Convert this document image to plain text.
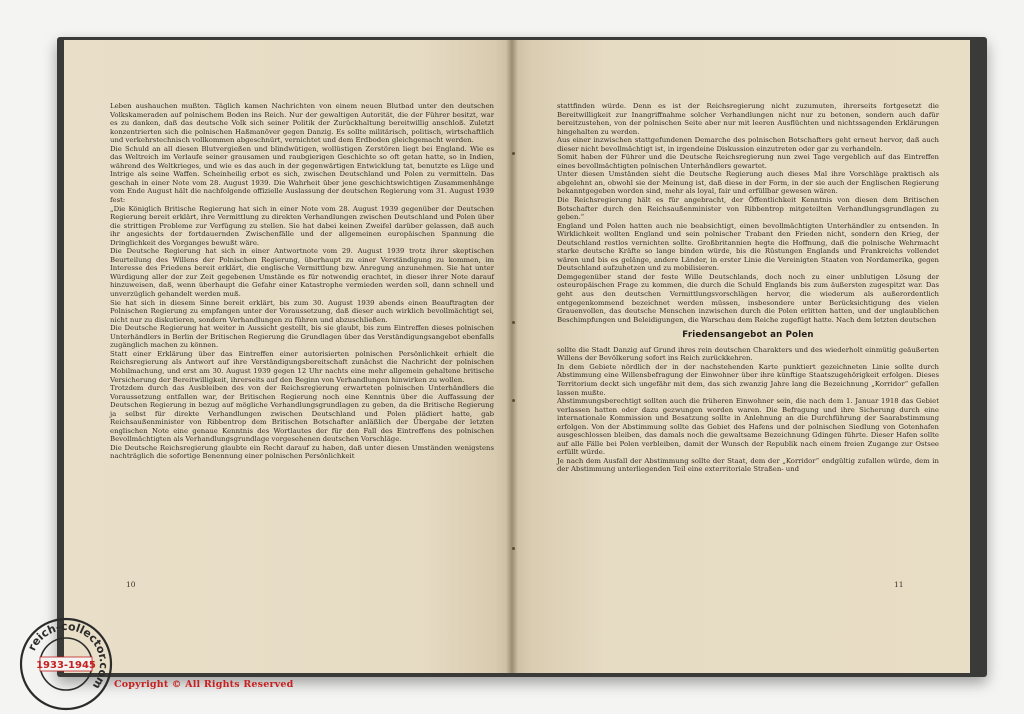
Leben aushauchen mußten. Täglich kamen Nachrichten von einem neuen Blutbad unter den deutschen Volkskameraden auf polnischem Boden ins Reich. Nur der gewaltigen Autorität, die der Führer besitzt, war es zu danken, daß das deutsche Volk sich seiner Politik der Zurückhaltung bereitwillig anschloß. Zuletzt konzentrierten sich die polnischen Haßmanöver gegen Danzig. Es sollte militärisch, politisch, wirtschaftlich und verkehrstechnisch vollkommen abgeschnürt, vernichtet und dem Erdboden gleichgemacht werden.

Die Schuld an all diesen Blutvergießen und blindwütigen, wollüstigen Zerstören liegt bei England. Wie es das Weltreich im Verlaufe seiner grausamen und raubgierigen Geschichte so oft getan hatte, so in Indien, während des Weltkrieges, und wie es das auch in der gegenwärtigen Entwicklung tat, benutzte es Lüge und Intrige als seine Waffen. Scheinheilig erbot es sich, zwischen Deutschland und Polen zu vermitteln. Das geschah in einer Note vom 28. August 1939. Die Wahrheit über jene geschichtswichtigen Zusammenhänge vom Ende August hält die nachfolgende offizielle Auslassung der deutschen Regierung vom 31. August 1939 fest:

„Die Königlich Britische Regierung hat sich in einer Note vom 28. August 1939 gegenüber der Deutschen Regierung bereit erklärt, ihre Vermittlung zu direkten Verhandlungen zwischen Deutschland und Polen über die strittigen Probleme zur Verfügung zu stellen. Sie hat dabei keinen Zweifel darüber gelassen, daß auch ihr angesichts der fortdauernden Zwischenfälle und der allgemeinen europäischen Spannung die Dringlichkeit des Vorganges bewußt wäre.

Die Deutsche Regierung hat sich in einer Antwortnote vom 29. August 1939 trotz ihrer skeptischen Beurteilung des Willens der Polnischen Regierung, überhaupt zu einer Verständigung zu kommen, im Interesse des Friedens bereit erklärt, die englische Vermittlung bzw. Anregung anzunehmen. Sie hat unter Würdigung aller der zur Zeit gegebenen Umstände es für notwendig erachtet, in dieser ihrer Note darauf hinzuweisen, daß, wenn überhaupt die Gefahr einer Katastrophe vermieden werden soll, dann schnell und unverzüglich gehandelt werden muß.

Sie hat sich in diesem Sinne bereit erklärt, bis zum 30. August 1939 abends einen Beauftragten der Polnischen Regierung zu empfangen unter der Voraussetzung, daß dieser auch wirklich bevollmächtigt sei, nicht nur zu diskutieren, sondern Verhandlungen zu führen und abzuschließen.

Die Deutsche Regierung hat weiter in Aussicht gestellt, bis sie glaubt, bis zum Eintreffen dieses polnischen Unterhändlers in Berlin der Britischen Regierung die Grundlagen über das Verständigungsangebot ebenfalls zugänglich machen zu können.

Statt einer Erklärung über das Eintreffen einer autorisierten polnischen Persönlichkeit erhielt die Reichsregierung als Antwort auf ihre Verständigungsbereitschaft zunächst die Nachricht der polnischen Mobilmachung, und erst am 30. August 1939 gegen 12 Uhr nachts eine mehr allgemein gehaltene britische Versicherung der Bereitwilligkeit, ihrerseits auf den Beginn von Verhandlungen hinwirken zu wollen.

Trotzdem durch das Ausbleiben des von der Reichsregierung erwarteten polnischen Unterhändlers die Voraussetzung entfallen war, der Britischen Regierung noch eine Kenntnis über die Auffassung der Deutschen Regierung in bezug auf mögliche Verhandlungsgrundlagen zu geben, da die Britische Regierung ja selbst für direkte Verhandlungen zwischen Deutschland und Polen plädiert hatte, gab Reichsaußenminister von Ribbentrop dem Britischen Botschafter anläßlich der Übergabe der letzten englischen Note eine genaue Kenntnis des Wortlautes der für den Fall des Eintreffens des polnischen Bevollmächtigten als Verhandlungsgrundlage vorgesehenen deutschen Vorschläge.

Die Deutsche Reichsregierung glaubte ein Recht darauf zu haben, daß unter diesen Umständen wenigstens nachträglich die sofortige Benennung einer polnischen Persönlichkeit

10

stattfinden würde. Denn es ist der Reichsregierung nicht zuzumuten, ihrerseits fortgesetzt die Bereitwilligkeit zur Inangriffnahme solcher Verhandlungen nicht nur zu betonen, sondern auch dafür bereitzustehen, von der polnischen Seite aber nur mit leeren Ausflüchten und nichtssagenden Erklärungen hingehalten zu werden.

Aus einer inzwischen stattgefundenen Demarche des polnischen Botschafters geht erneut hervor, daß auch dieser nicht bevollmächtigt ist, in irgendeine Diskussion einzutreten oder gar zu verhandeln.

Somit haben der Führer und die Deutsche Reichsregierung nun zwei Tage vergeblich auf das Eintreffen eines bevollmächtigten polnischen Unterhändlers gewartet.

Unter diesen Umständen sieht die Deutsche Regierung auch dieses Mal ihre Vorschläge praktisch als abgelehnt an, obwohl sie der Meinung ist, daß diese in der Form, in der sie auch der Englischen Regierung bekanntgegeben worden sind, mehr als loyal, fair und erfüllbar gewesen wären.

Die Reichsregierung hält es für angebracht, der Öffentlichkeit Kenntnis von diesen dem Britischen Botschafter durch den Reichsaußenminister von Ribbentrop mitgeteilten Verhandlungsgrundlagen zu geben.“

England und Polen hatten auch nie beabsichtigt, einen bevollmächtigten Unterhändler zu entsenden. In Wirklichkeit wollten England und sein polnischer Trabant den Frieden nicht, sondern den Krieg, der Deutschland restlos vernichten sollte. Großbritannien hegte die Hoffnung, daß die polnische Wehrmacht starke deutsche Kräfte so lange binden würde, bis die Rüstungen Englands und Frankreichs vollendet wären und bis es gelänge, andere Länder, in erster Linie die Vereinigten Staaten von Nordamerika, gegen Deutschland aufzuhetzen und zu mobilisieren.

Demgegenüber stand der feste Wille Deutschlands, doch noch zu einer unblutigen Lösung der osteuropäischen Frage zu kommen, die durch die Schuld Englands bis zum äußersten zugespitzt war. Das geht aus den deutschen Vermittlungsvorschlägen hervor, die wiederum als außerordentlich entgegenkommend bezeichnet werden müssen, insbesondere unter Berücksichtigung des vielen Grauenvollen, das deutsche Menschen inzwischen durch die Polen erlitten hatten, und der unglaublichen Beschimpfungen und Beleidigungen, die Warschau dem Reiche zugefügt hatte. Nach dem letzten deutschen

Friedensangebot an Polen

sollte die Stadt Danzig auf Grund ihres rein deutschen Charakters und des wiederholt einmütig geäußerten Willens der Bevölkerung sofort ins Reich zurückkehren.

In dem Gebiete nördlich der in der nachstehenden Karte punktiert gezeichneten Linie sollte durch Abstimmung eine Willensbefragung der Einwohner über ihre künftige Staatszugehörigkeit erfolgen. Dieses Territorium deckt sich ungefähr mit dem, das sich zwanzig Jahre lang die Bezeichnung „Korridor“ gefallen lassen mußte.

Abstimmungsberechtigt sollten auch die früheren Einwohner sein, die nach dem 1. Januar 1918 das Gebiet verlassen hatten oder dazu gezwungen worden waren. Die Befragung und ihre Sicherung durch eine internationale Kommission und Besatzung sollte in Anlehnung an die Durchführung der Saarabstimmung erfolgen. Von der Abstimmung sollte das Gebiet des Hafens und der polnischen Siedlung von Gotenhafen ausgeschlossen bleiben, das damals noch die gewaltsame Bezeichnung Gdingen führte. Dieser Hafen sollte auf alle Fälle bei Polen verbleiben, damit der Wunsch der Republik nach einem freien Zugange zur Ostsee erfüllt würde.

Je nach dem Ausfall der Abstimmung sollte der Staat, dem der „Korridor“ endgültig zufallen würde, dem in der Abstimmung unterliegenden Teil eine exterritoriale Straßen- und

11
reich-collector.com
1933-1945
Copyright © All Rights Reserved
